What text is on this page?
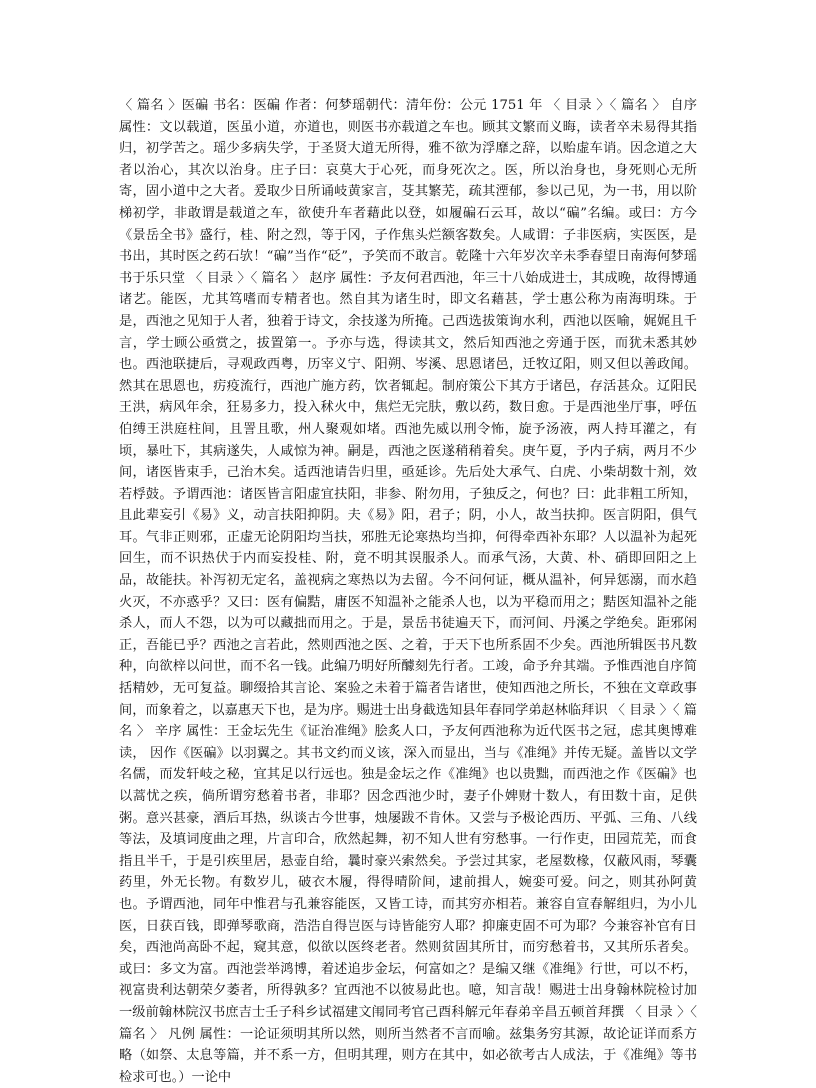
〈 篇名 〉医碥 书名：医碥 作者：何梦瑶朝代：清年份：公元 1751 年 〈 目录 〉〈 篇名 〉 自序 属性：文以载道，医虽小道，亦道也，则医书亦载道之车也。顾其文繁而义晦，读者卒未易得其指归，初学苦之。瑶少多病失学，于圣贤大道无所得，雅不欲为浮靡之辞，以贻虚车诮。因念道之大者以治心，其次以治身。庄子曰：哀莫大于心死，而身死次之。医，所以治身也，身死则心无所寄，固小道中之大者。爰取少日所诵岐黄家言，芟其繁芜，疏其湮郁，参以己见，为一书，用以阶梯初学，非敢谓是载道之车，欲使升车者藉此以登，如履碥石云耳，故以“碥”名编。或曰：方今《景岳全书》盛行，桂、附之烈，等于冈，子作焦头烂额客数矣。人咸谓：子非医病，实医医，是书出，其时医之药石欤！“碥”当作“砭”，予笑而不敢言。乾隆十六年岁次辛未季春望日南海何梦瑶书于乐只堂 〈 目录 〉〈 篇名 〉 赵序 属性：予友何君西池，年三十八始成进士，其成晚，故得博通诸艺。能医，尤其笃嗜而专精者也。然自其为诸生时，即文名藉甚，学士惠公称为南海明珠。于是，西池之见知于人者，独着于诗文，余技遂为所掩。己西选拔策询水利，西池以医喻，娓娓且千言，学士顾公亟赏之，拔置第一。予亦与选，得读其文，然后知西池之旁通于医，而犹未悉其妙也。西池联捷后，寻观政西粤，历宰义宁、阳朔、岑溪、思恩诸邑，迁牧辽阳，则又但以善政闻。然其在思恩也，疠疫流行，西池广施方药，饮者辄起。制府策公下其方于诸邑，存活甚众。辽阳民王洪，病风年余，狂易多力，投入秫火中，焦烂无完肤，敷以药，数日愈。于是西池坐厅事，呼伍伯缚王洪庭柱间，且詈且歌，州人聚观如堵。西池先威以刑令怖，旋予汤液，两人持耳灌之，有顷，暴吐下，其病遂失，人咸惊为神。嗣是，西池之医遂稍稍着矣。庚午夏，予内子病，两月不少间，诸医皆束手，己治木矣。适西池请告归里，亟延诊。先后处大承气、白虎、小柴胡数十剂，效若桴鼓。予谓西池：诸医皆言阳虚宜扶阳，非参、附勿用，子独反之，何也？曰：此非粗工所知，且此辈妄引《易》义，动言扶阳抑阴。夫《易》阳，君子；阴，小人，故当扶抑。医言阴阳，俱气耳。气非正则邪，正虚无论阴阳均当扶，邪胜无论寒热均当抑，何得牵西补东耶？人以温补为起死回生，而不识热伏于内而妄投桂、附，竟不明其误服杀人。而承气汤，大黄、朴、硝即回阳之上品，故能扶。补泻初无定名，盖视病之寒热以为去留。今不问何证，概从温补，何异惩溺，而水趋火灭，不亦惑乎？又曰：医有偏黠，庸医不知温补之能杀人也，以为平稳而用之；黠医知温补之能杀人，而人不怨，以为可以藏拙而用之。于是，景岳书徒遍天下，而河间、丹溪之学绝矣。距邪闲正，吾能已乎？西池之言若此，然则西池之医、之着，于天下也所系固不少矣。西池所辑医书凡数种，向欲梓以问世，而不名一钱。此编乃明好所醵刻先行者。工竣，命予弁其端。予惟西池自序简括精妙，无可复益。聊缀拾其言论、案验之未着于篇者告诸世，使知西池之所长，不独在文章政事间，而象着之，以嘉惠天下也，是为序。赐进士出身截选知县年春同学弟赵林临拜识 〈 目录 〉〈 篇名 〉 辛序 属性：王金坛先生《证治准绳》脍炙人口，予友何西池称为近代医书之冠，虑其奥博难读， 因作《医碥》以羽翼之。其书文约而义该，深入而显出，当与《准绳》并传无疑。盖皆以文学名儒，而发轩岐之秘，宜其足以行远也。独是金坛之作《准绳》也以贵黜，而西池之作《医碥》也以蒿忧之疾，倘所谓穷愁着书者，非耶？因念西池少时，妻子仆婢财十数人，有田数十亩，足供粥。意兴甚豪，酒后耳热，纵谈古今世事，烛屡跋不肯休。又尝与予极论西历、平弧、三角、八线等法，及填词度曲之理，片言印合，欣然起舞，初不知人世有穷愁事。一行作吏，田园荒芜，而食指且半千，于是引疾里居，悬壶自给，曩时豪兴索然矣。予尝过其家，老屋数椽，仅蔽风雨，琴囊药里，外无长物。有数岁儿，破衣木履，得得晴阶间，逮前揖人，婉娈可爱。问之，则其孙阿黄也。予谓西池，同年中惟君与孔兼容能医，又皆工诗，而其穷亦相若。兼容自宣春解组归，为小儿医，日获百钱，即弹琴歌商，浩浩自得岂医与诗皆能穷人耶？抑廉吏固不可为耶？今兼容补官有日矣，西池尚高卧不起，窥其意，似欲以医终老者。然则贫固其所甘，而穷愁着书，又其所乐者矣。或曰：多文为富。西池尝举鸿博，着述追步金坛，何富如之？是编又继《准绳》行世，可以不朽，视富贵利达朝荣夕萎者，所得孰多？宜西池不以彼易此也。噫，知言哉！赐进士出身翰林院检讨加一级前翰林院汉书庶吉士壬子科乡试福建文闱同考官己酉科解元年春弟辛昌五顿首拜撰 〈 目录 〉〈 篇名 〉 凡例 属性：一论证须明其所以然，则所当然者不言而喻。兹集务穷其源，故论证详而系方略（如祭、太息等篇，并不系一方，但明其理，则方在其中，如必欲考古人成法，于《准绳》等书检求可也。）一论中
